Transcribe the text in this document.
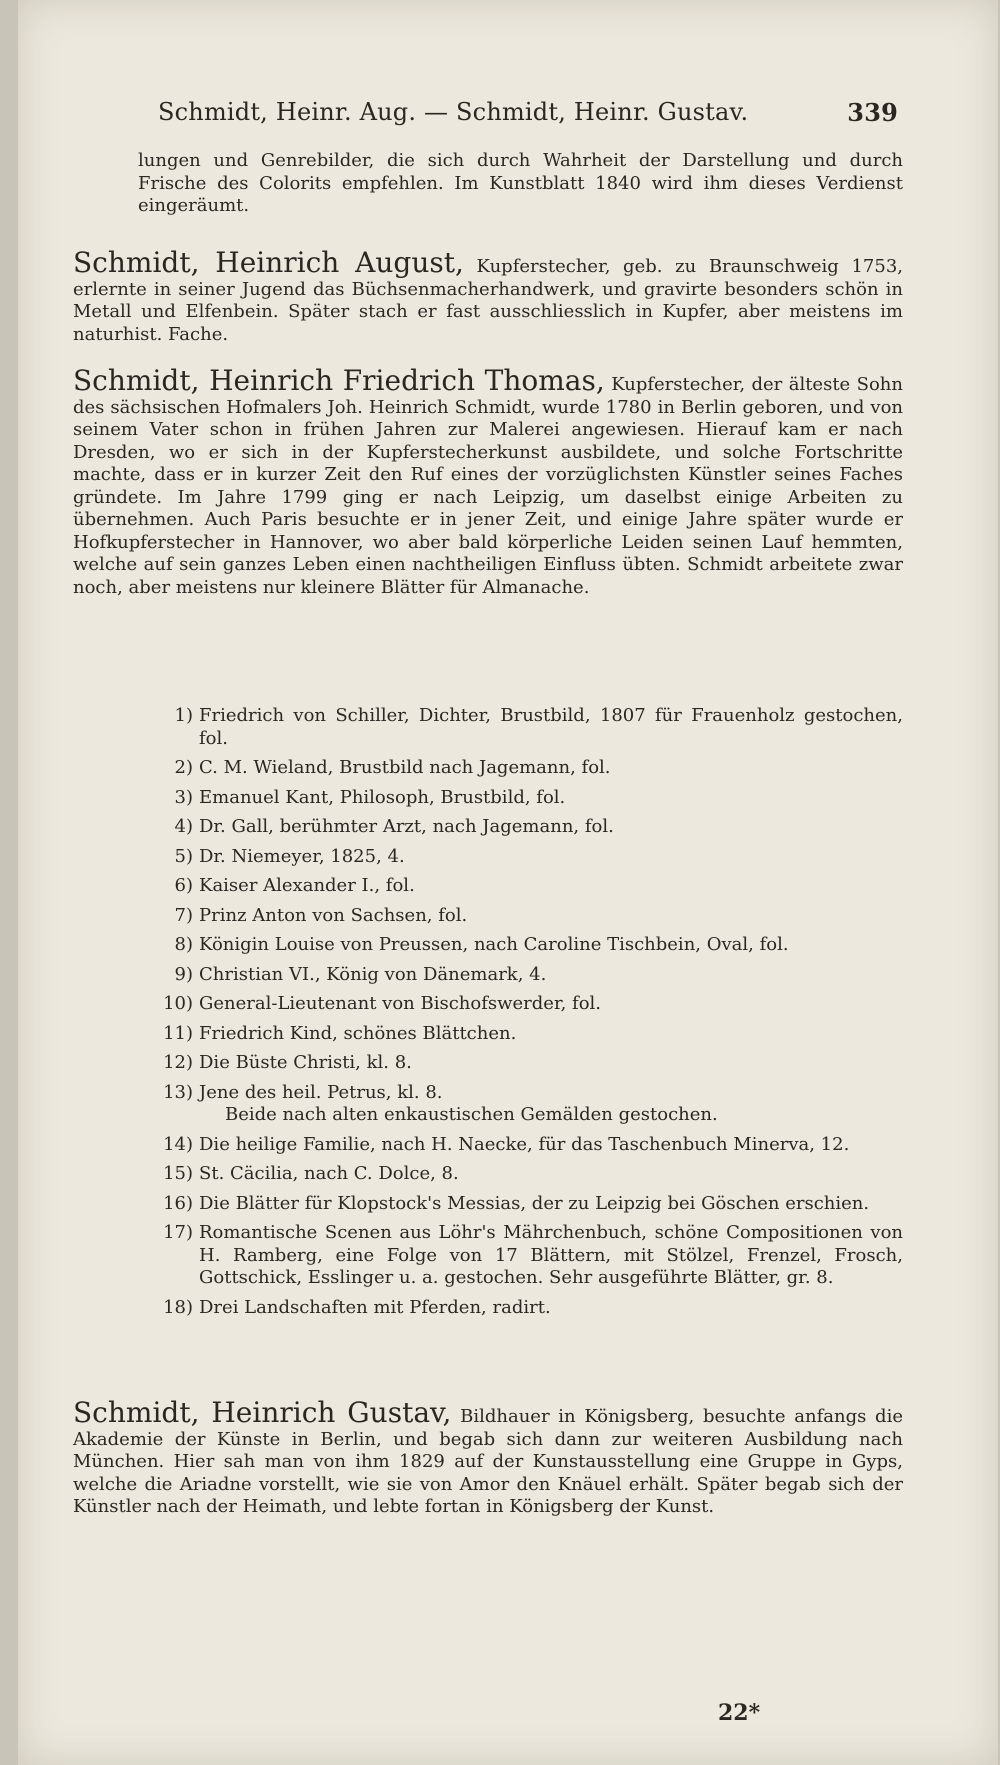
Schmidt, Heinr. Aug. — Schmidt, Heinr. Gustav.	339

lungen und Genrebilder, die sich durch Wahrheit der Darstellung und durch Frische des Colorits empfehlen. Im Kunstblatt 1840 wird ihm dieses Verdienst eingeräumt.

Schmidt, Heinrich August, Kupferstecher, geb. zu Braunschweig 1753, erlernte in seiner Jugend das Büchsenmacherhandwerk, und gravirte besonders schön in Metall und Elfenbein. Später stach er fast ausschliesslich in Kupfer, aber meistens im naturhist. Fache.

Schmidt, Heinrich Friedrich Thomas, Kupferstecher, der älteste Sohn des sächsischen Hofmalers Joh. Heinrich Schmidt, wurde 1780 in Berlin geboren, und von seinem Vater schon in frühen Jahren zur Malerei angewiesen. Hierauf kam er nach Dresden, wo er sich in der Kupferstecherkunst ausbildete, und solche Fortschritte machte, dass er in kurzer Zeit den Ruf eines der vorzüglichsten Künstler seines Faches gründete. Im Jahre 1799 ging er nach Leipzig, um daselbst einige Arbeiten zu übernehmen. Auch Paris besuchte er in jener Zeit, und einige Jahre später wurde er Hofkupferstecher in Hannover, wo aber bald körperliche Leiden seinen Lauf hemmten, welche auf sein ganzes Leben einen nachtheiligen Einfluss übten. Schmidt arbeitete zwar noch, aber meistens nur kleinere Blätter für Almanache.

1) Friedrich von Schiller, Dichter, Brustbild, 1807 für Frauenholz gestochen, fol.
2) C. M. Wieland, Brustbild nach Jagemann, fol.
3) Emanuel Kant, Philosoph, Brustbild, fol.
4) Dr. Gall, berühmter Arzt, nach Jagemann, fol.
5) Dr. Niemeyer, 1825, 4.
6) Kaiser Alexander I., fol.
7) Prinz Anton von Sachsen, fol.
8) Königin Louise von Preussen, nach Caroline Tischbein, Oval, fol.
9) Christian VI., König von Dänemark, 4.
10) General-Lieutenant von Bischofswerder, fol.
11) Friedrich Kind, schönes Blättchen.
12) Die Büste Christi, kl. 8.
13) Jene des heil. Petrus, kl. 8.
Beide nach alten enkaustischen Gemälden gestochen.
14) Die heilige Familie, nach H. Naecke, für das Taschenbuch Minerva, 12.
15) St. Cäcilia, nach C. Dolce, 8.
16) Die Blätter für Klopstock's Messias, der zu Leipzig bei Göschen erschien.
17) Romantische Scenen aus Löhr's Mährchenbuch, schöne Compositionen von H. Ramberg, eine Folge von 17 Blättern, mit Stölzel, Frenzel, Frosch, Gottschick, Esslinger u. a. gestochen. Sehr ausgeführte Blätter, gr. 8.
18) Drei Landschaften mit Pferden, radirt.

Schmidt, Heinrich Gustav, Bildhauer in Königsberg, besuchte anfangs die Akademie der Künste in Berlin, und begab sich dann zur weiteren Ausbildung nach München. Hier sah man von ihm 1829 auf der Kunstausstellung eine Gruppe in Gyps, welche die Ariadne vorstellt, wie sie von Amor den Knäuel erhält. Später begab sich der Künstler nach der Heimath, und lebte fortan in Königsberg der Kunst.

22*
